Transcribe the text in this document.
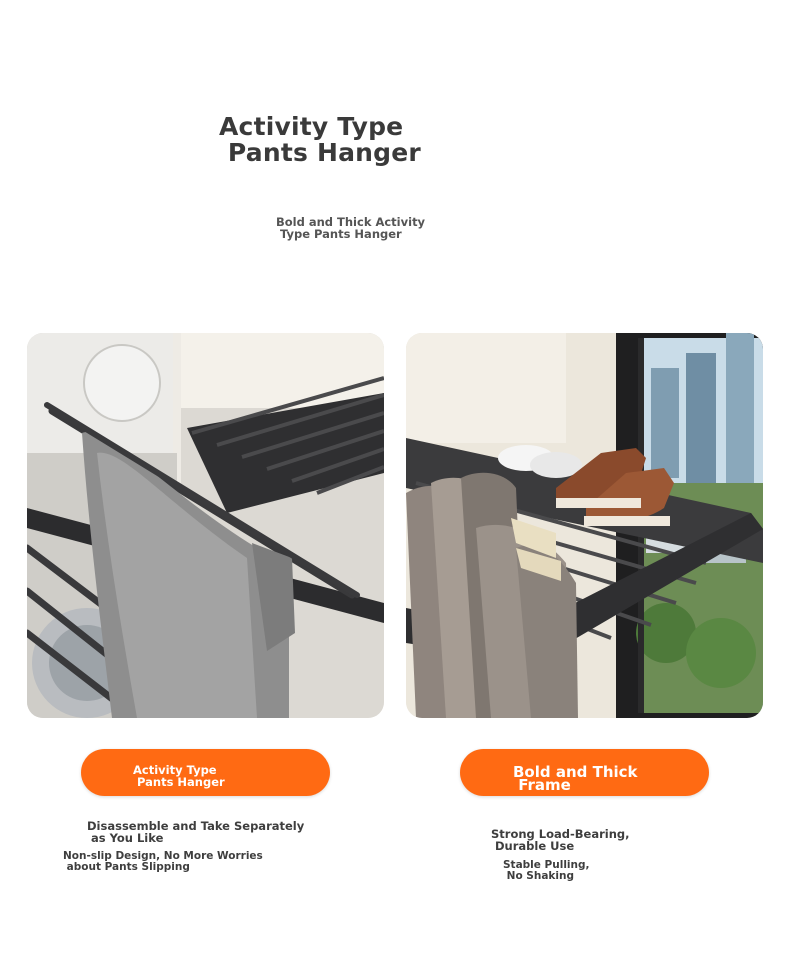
Activity Type
Pants Hanger

Bold and Thick Activity
Type Pants Hanger

Activity Type
Pants Hanger

Disassemble and Take Separately
as You Like

Non-slip Design, No More Worries
about Pants Slipping

Bold and Thick
Frame

Strong Load-Bearing,
Durable Use

Stable Pulling,
No Shaking
